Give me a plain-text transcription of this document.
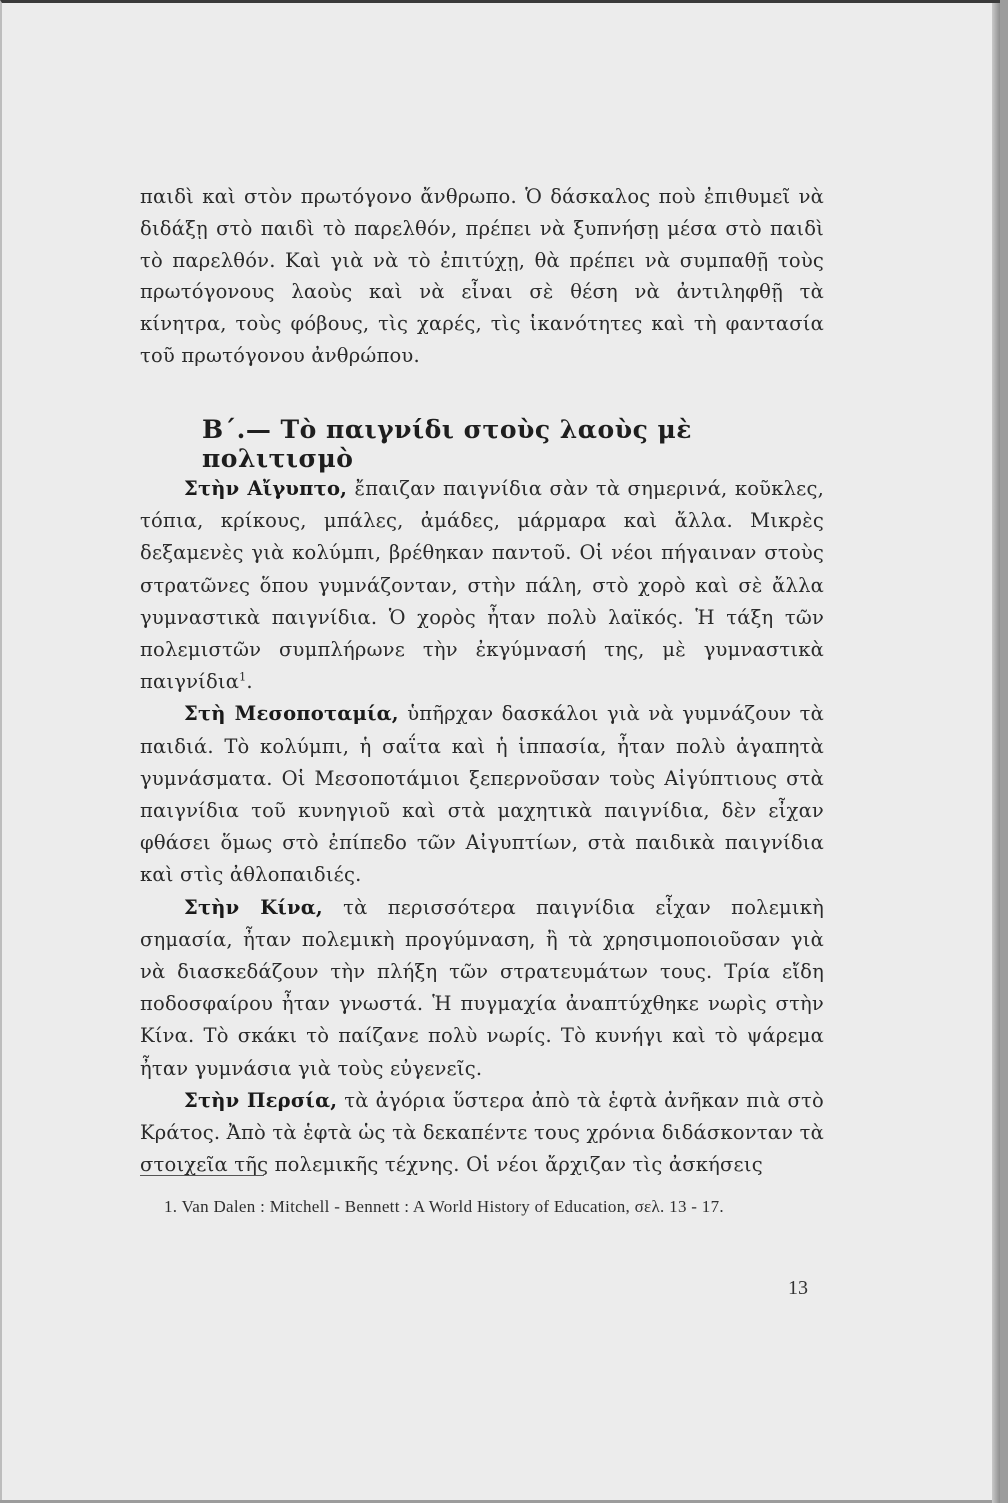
παιδὶ καὶ στὸν πρωτόγονο ἄνθρωπο. Ὁ δάσκαλος ποὺ ἐπιθυμεῖ νὰ διδάξῃ στὸ παιδὶ τὸ παρελθόν, πρέπει νὰ ξυπνήσῃ μέσα στὸ παιδὶ τὸ παρελθόν. Καὶ γιὰ νὰ τὸ ἐπιτύχῃ, θὰ πρέπει νὰ συμπαθῇ τοὺς πρωτόγονους λαοὺς καὶ νὰ εἶναι σὲ θέση νὰ ἀντιληφθῇ τὰ κίνητρα, τοὺς φόβους, τὶς χαρές, τὶς ἱκανότητες καὶ τὴ φαντασία τοῦ πρωτόγονου ἀνθρώπου.

Β΄.— Τὸ παιγνίδι στοὺς λαοὺς μὲ πολιτισμὸ

Στὴν Αἴγυπτο, ἔπαιζαν παιγνίδια σὰν τὰ σημερινά, κοῦκλες, τόπια, κρίκους, μπάλες, ἀμάδες, μάρμαρα καὶ ἄλλα. Μικρὲς δεξαμενὲς γιὰ κολύμπι, βρέθηκαν παντοῦ. Οἱ νέοι πήγαιναν στοὺς στρατῶνες ὅπου γυμνάζονταν, στὴν πάλη, στὸ χορὸ καὶ σὲ ἄλλα γυμναστικὰ παιγνίδια. Ὁ χορὸς ἦταν πολὺ λαϊκός. Ἡ τάξη τῶν πολεμιστῶν συμπλήρωνε τὴν ἐκγύμνασή της, μὲ γυμναστικὰ παιγνίδια$^1$.

Στὴ Μεσοποταμία, ὑπῆρχαν δασκάλοι γιὰ νὰ γυμνάζουν τὰ παιδιά. Τὸ κολύμπι, ἡ σαΐτα καὶ ἡ ἱππασία, ἦταν πολὺ ἀγαπητὰ γυμνάσματα. Οἱ Μεσοποτάμιοι ξεπερνοῦσαν τοὺς Αἰγύπτιους στὰ παιγνίδια τοῦ κυνηγιοῦ καὶ στὰ μαχητικὰ παιγνίδια, δὲν εἶχαν φθάσει ὅμως στὸ ἐπίπεδο τῶν Αἰγυπτίων, στὰ παιδικὰ παιγνίδια καὶ στὶς ἀθλοπαιδιές.

Στὴν Κίνα, τὰ περισσότερα παιγνίδια εἶχαν πολεμικὴ σημασία, ἦταν πολεμικὴ προγύμναση, ἢ τὰ χρησιμοποιοῦσαν γιὰ νὰ διασκεδάζουν τὴν πλήξη τῶν στρατευμάτων τους. Τρία εἴδη ποδοσφαίρου ἦταν γνωστά. Ἡ πυγμαχία ἀναπτύχθηκε νωρὶς στὴν Κίνα. Τὸ σκάκι τὸ παίζανε πολὺ νωρίς. Τὸ κυνήγι καὶ τὸ ψάρεμα ἦταν γυμνάσια γιὰ τοὺς εὐγενεῖς.

Στὴν Περσία, τὰ ἀγόρια ὕστερα ἀπὸ τὰ ἑφτὰ ἀνῆκαν πιὰ στὸ Κράτος. Ἀπὸ τὰ ἑφτὰ ὡς τὰ δεκαπέντε τους χρόνια διδάσκονταν τὰ στοιχεῖα τῆς πολεμικῆς τέχνης. Οἱ νέοι ἄρχιζαν τὶς ἀσκήσεις

1. Van Dalen : Mitchell - Bennett : A World History of Education, σελ. 13 - 17.
13
